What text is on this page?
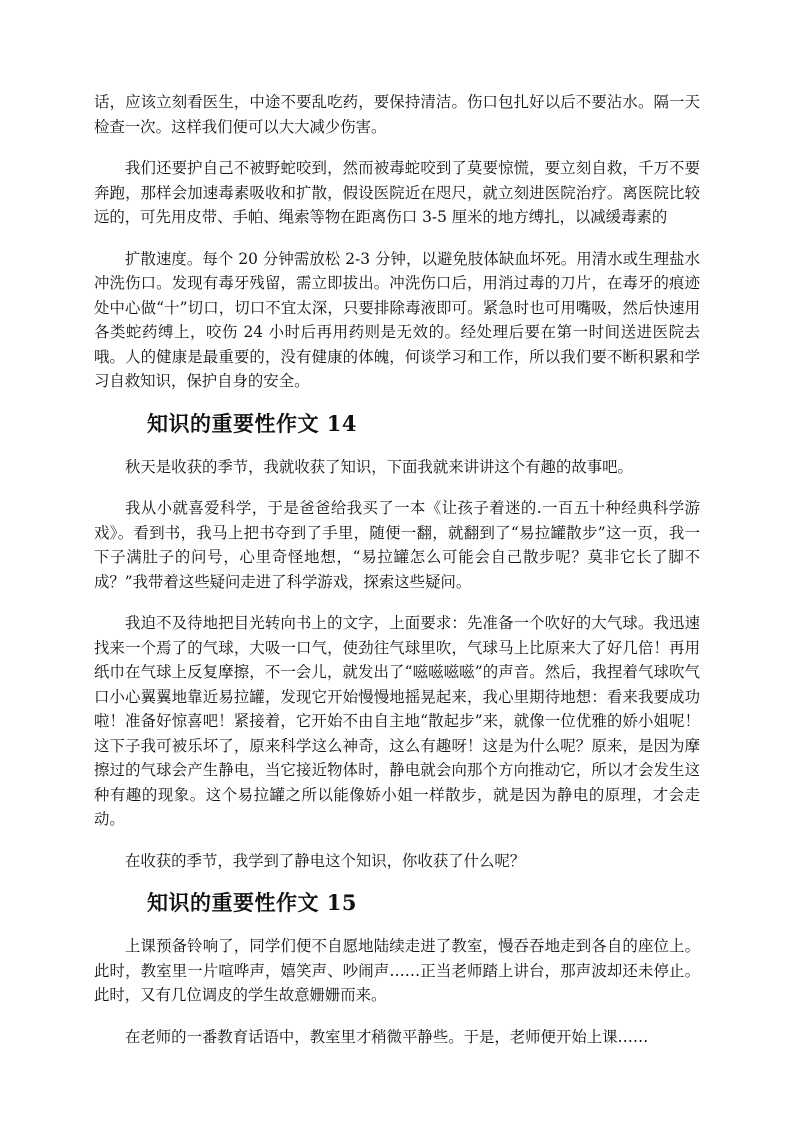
话，应该立刻看医生，中途不要乱吃药，要保持清洁。伤口包扎好以后不要沾水。隔一天检查一次。这样我们便可以大大减少伤害。

我们还要护自己不被野蛇咬到，然而被毒蛇咬到了莫要惊慌，要立刻自救，千万不要奔跑，那样会加速毒素吸收和扩散，假设医院近在咫尺，就立刻进医院治疗。离医院比较远的，可先用皮带、手帕、绳索等物在距离伤口 3-5 厘米的地方缚扎，以减缓毒素的

扩散速度。每个 20 分钟需放松 2-3 分钟，以避免肢体缺血坏死。用清水或生理盐水冲洗伤口。发现有毒牙残留，需立即拔出。冲洗伤口后，用消过毒的刀片，在毒牙的痕迹处中心做“十”切口，切口不宜太深，只要排除毒液即可。紧急时也可用嘴吸，然后快速用各类蛇药缚上，咬伤 24 小时后再用药则是无效的。经处理后要在第一时间送进医院去哦。人的健康是最重要的，没有健康的体魄，何谈学习和工作，所以我们要不断积累和学习自救知识，保护自身的安全。

知识的重要性作文 14

秋天是收获的季节，我就收获了知识，下面我就来讲讲这个有趣的故事吧。

我从小就喜爱科学，于是爸爸给我买了一本《让孩子着迷的.一百五十种经典科学游戏》。看到书，我马上把书夺到了手里，随便一翻，就翻到了“易拉罐散步”这一页，我一下子满肚子的问号，心里奇怪地想，“易拉罐怎么可能会自己散步呢？莫非它长了脚不成？”我带着这些疑问走进了科学游戏，探索这些疑问。

我迫不及待地把目光转向书上的文字，上面要求：先准备一个吹好的大气球。我迅速找来一个焉了的气球，大吸一口气，使劲往气球里吹，气球马上比原来大了好几倍！再用纸巾在气球上反复摩擦，不一会儿，就发出了“嗞嗞嗞嗞”的声音。然后，我捏着气球吹气口小心翼翼地靠近易拉罐，发现它开始慢慢地摇晃起来，我心里期待地想：看来我要成功啦！准备好惊喜吧！紧接着，它开始不由自主地“散起步”来，就像一位优雅的娇小姐呢！这下子我可被乐坏了，原来科学这么神奇，这么有趣呀！这是为什么呢？原来，是因为摩擦过的气球会产生静电，当它接近物体时，静电就会向那个方向推动它，所以才会发生这种有趣的现象。这个易拉罐之所以能像娇小姐一样散步，就是因为静电的原理，才会走动。

在收获的季节，我学到了静电这个知识，你收获了什么呢？

知识的重要性作文 15

上课预备铃响了，同学们便不自愿地陆续走进了教室，慢吞吞地走到各自的座位上。此时，教室里一片喧哗声，嬉笑声、吵闹声……正当老师踏上讲台，那声波却还未停止。此时，又有几位调皮的学生故意姗姗而来。

在老师的一番教育话语中，教室里才稍微平静些。于是，老师便开始上课……
